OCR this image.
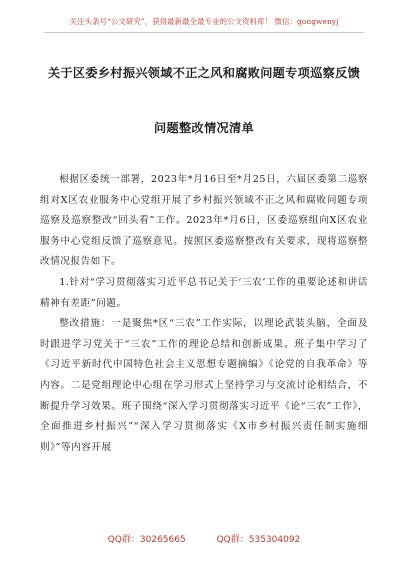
关注头条号“公文研究”，获得最新最全最专业的公文资料库！ 微信：gongwenyj
关于区委乡村振兴领域不正之风和腐败问题专项巡察反馈
问题整改情况清单

根据区委统一部署，2023年*月16日至*月25日，六届区委第二巡察组对X区农业服务中心党组开展了乡村振兴领域不正之风和腐败问题专项巡察及巡察整改“回头看”工作。2023年*月6日，区委巡察组向X区农业服务中心党组反馈了巡察意见。按照区委巡察整改有关要求，现将巡察整改情况报告如下。

1.针对“学习贯彻落实习近平总书记关于‘三农’工作的重要论述和讲话精神有差距”问题。

整改措施：一是聚焦*区“三农”工作实际，以理论武装头脑，全面及时跟进学习党关于“三农”工作的理论总结和创新成果。班子集中学习了《习近平新时代中国特色社会主义思想专题摘编》《论党的自我革命》等内容。二是党组理论中心组在学习形式上坚持学习与交流讨论相结合，不断提升学习效果。班子围绕“深入学习贯彻落实习近平《论“三农”工作》，全面推进乡村振兴”“深入学习贯彻落实《X市乡村振兴责任制实施细则》”等内容开展

QQ群：30265665	QQ群：535304092
